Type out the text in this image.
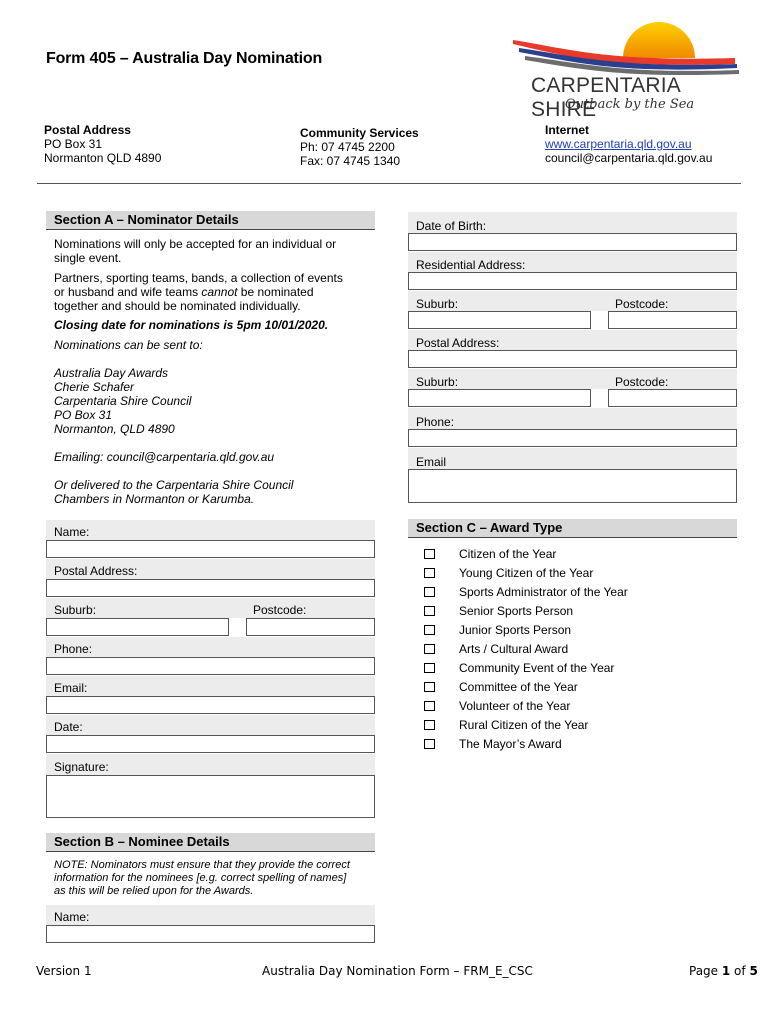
Form 405 – Australia Day Nomination
CARPENTARIA SHIRE
Outback by the Sea
Postal Address
PO Box 31
Normanton QLD 4890
Community Services
Ph: 07 4745 2200
Fax: 07 4745 1340
Internet
www.carpentaria.qld.gov.au
council@carpentaria.qld.gov.au
Section A – Nominator Details
Nominations will only be accepted for an individual or
single event.
Partners, sporting teams, bands, a collection of events
or husband and wife teams cannot be nominated
together and should be nominated individually.
Closing date for nominations is 5pm 10/01/2020.
Nominations can be sent to:
Australia Day Awards
Cherie Schafer
Carpentaria Shire Council
PO Box 31
Normanton, QLD 4890
Emailing: council@carpentaria.qld.gov.au
Or delivered to the Carpentaria Shire Council
Chambers in Normanton or Karumba.
Name:
Postal Address:
Suburb:	Postcode:
Phone:
Email:
Date:
Signature:
Section B – Nominee Details
NOTE: Nominators must ensure that they provide the correct
information for the nominees [e.g. correct spelling of names]
as this will be relied upon for the Awards.
Name:
Date of Birth:
Residential Address:
Suburb:	Postcode:
Postal Address:
Suburb:	Postcode:
Phone:
Email
Section C – Award Type
Citizen of the Year
Young Citizen of the Year
Sports Administrator of the Year
Senior Sports Person
Junior Sports Person
Arts / Cultural Award
Community Event of the Year
Committee of the Year
Volunteer of the Year
Rural Citizen of the Year
The Mayor’s Award
Version 1	Australia Day Nomination Form – FRM_E_CSC	Page 1 of 5
